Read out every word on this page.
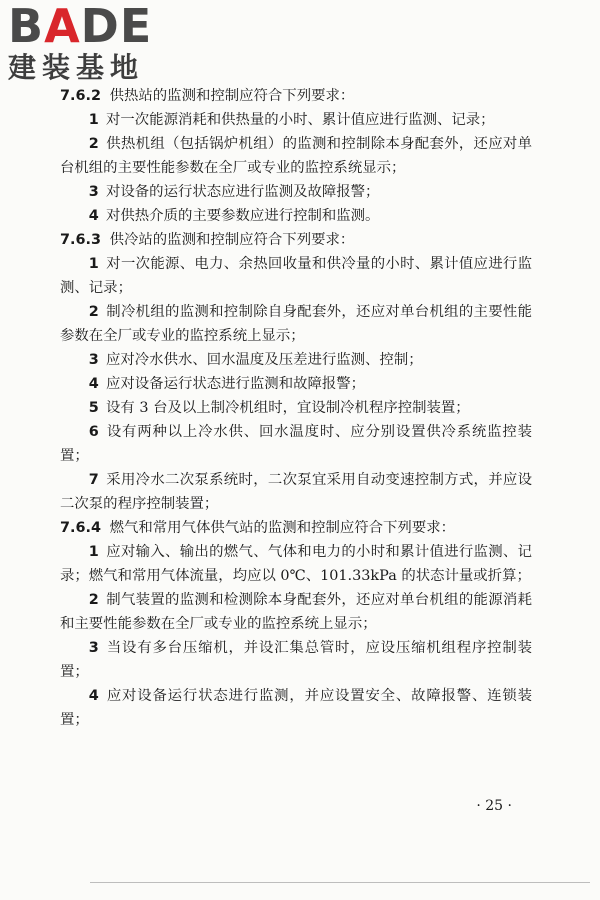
BADE
建装基地

7.6.2 供热站的监测和控制应符合下列要求：

1 对一次能源消耗和供热量的小时、累计值应进行监测、记录；

2 供热机组（包括锅炉机组）的监测和控制除本身配套外，还应对单台机组的主要性能参数在全厂或专业的监控系统显示；

3 对设备的运行状态应进行监测及故障报警；

4 对供热介质的主要参数应进行控制和监测。

7.6.3 供冷站的监测和控制应符合下列要求：

1 对一次能源、电力、余热回收量和供冷量的小时、累计值应进行监测、记录；

2 制冷机组的监测和控制除自身配套外，还应对单台机组的主要性能参数在全厂或专业的监控系统上显示；

3 应对冷水供水、回水温度及压差进行监测、控制；

4 应对设备运行状态进行监测和故障报警；

5 设有 3 台及以上制冷机组时，宜设制冷机程序控制装置；

6 设有两种以上冷水供、回水温度时、应分别设置供冷系统监控装置；

7 采用冷水二次泵系统时，二次泵宜采用自动变速控制方式，并应设二次泵的程序控制装置；

7.6.4 燃气和常用气体供气站的监测和控制应符合下列要求：

1 应对输入、输出的燃气、气体和电力的小时和累计值进行监测、记录；燃气和常用气体流量，均应以 0℃、101.33kPa 的状态计量或折算；

2 制气装置的监测和检测除本身配套外，还应对单台机组的能源消耗和主要性能参数在全厂或专业的监控系统上显示；

3 当设有多台压缩机，并设汇集总管时，应设压缩机组程序控制装置；

4 应对设备运行状态进行监测，并应设置安全、故障报警、连锁装置；

· 25 ·
